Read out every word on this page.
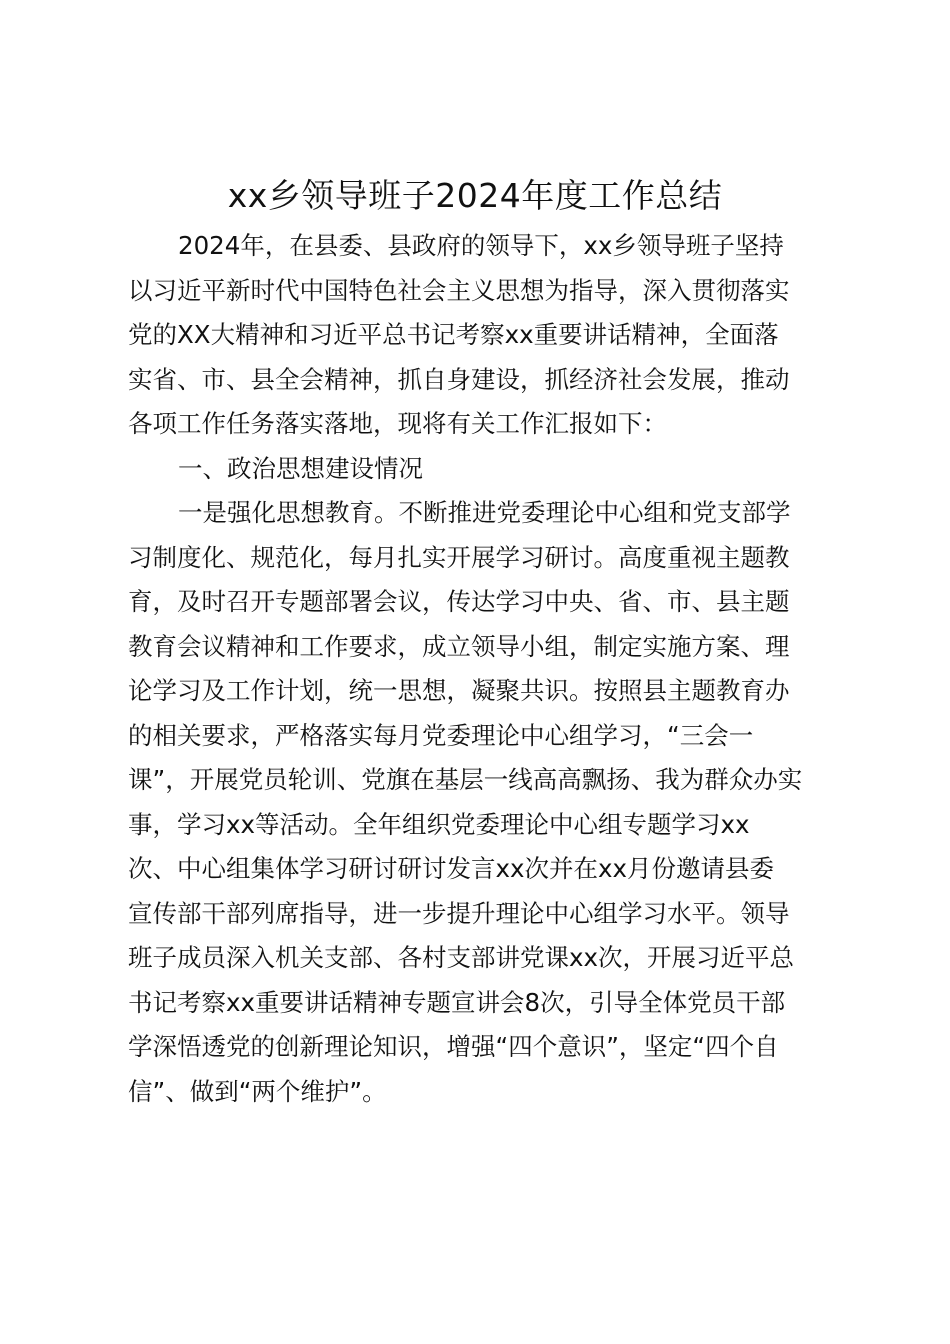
xx乡领导班子2024年度工作总结
2024年，在县委、县政府的领导下，xx乡领导班子坚持
以习近平新时代中国特色社会主义思想为指导，深入贯彻落实
党的XX大精神和习近平总书记考察xx重要讲话精神，全面落
实省、市、县全会精神，抓自身建设，抓经济社会发展，推动
各项工作任务落实落地，现将有关工作汇报如下：
一、政治思想建设情况
一是强化思想教育。不断推进党委理论中心组和党支部学
习制度化、规范化，每月扎实开展学习研讨。高度重视主题教
育，及时召开专题部署会议，传达学习中央、省、市、县主题
教育会议精神和工作要求，成立领导小组，制定实施方案、理
论学习及工作计划，统一思想，凝聚共识。按照县主题教育办
的相关要求，严格落实每月党委理论中心组学习，“三会一
课”，开展党员轮训、党旗在基层一线高高飘扬、我为群众办实
事，学习xx等活动。全年组织党委理论中心组专题学习xx
次、中心组集体学习研讨研讨发言xx次并在xx月份邀请县委
宣传部干部列席指导，进一步提升理论中心组学习水平。领导
班子成员深入机关支部、各村支部讲党课xx次，开展习近平总
书记考察xx重要讲话精神专题宣讲会8次，引导全体党员干部
学深悟透党的创新理论知识，增强“四个意识”，坚定“四个自
信”、做到“两个维护”。
